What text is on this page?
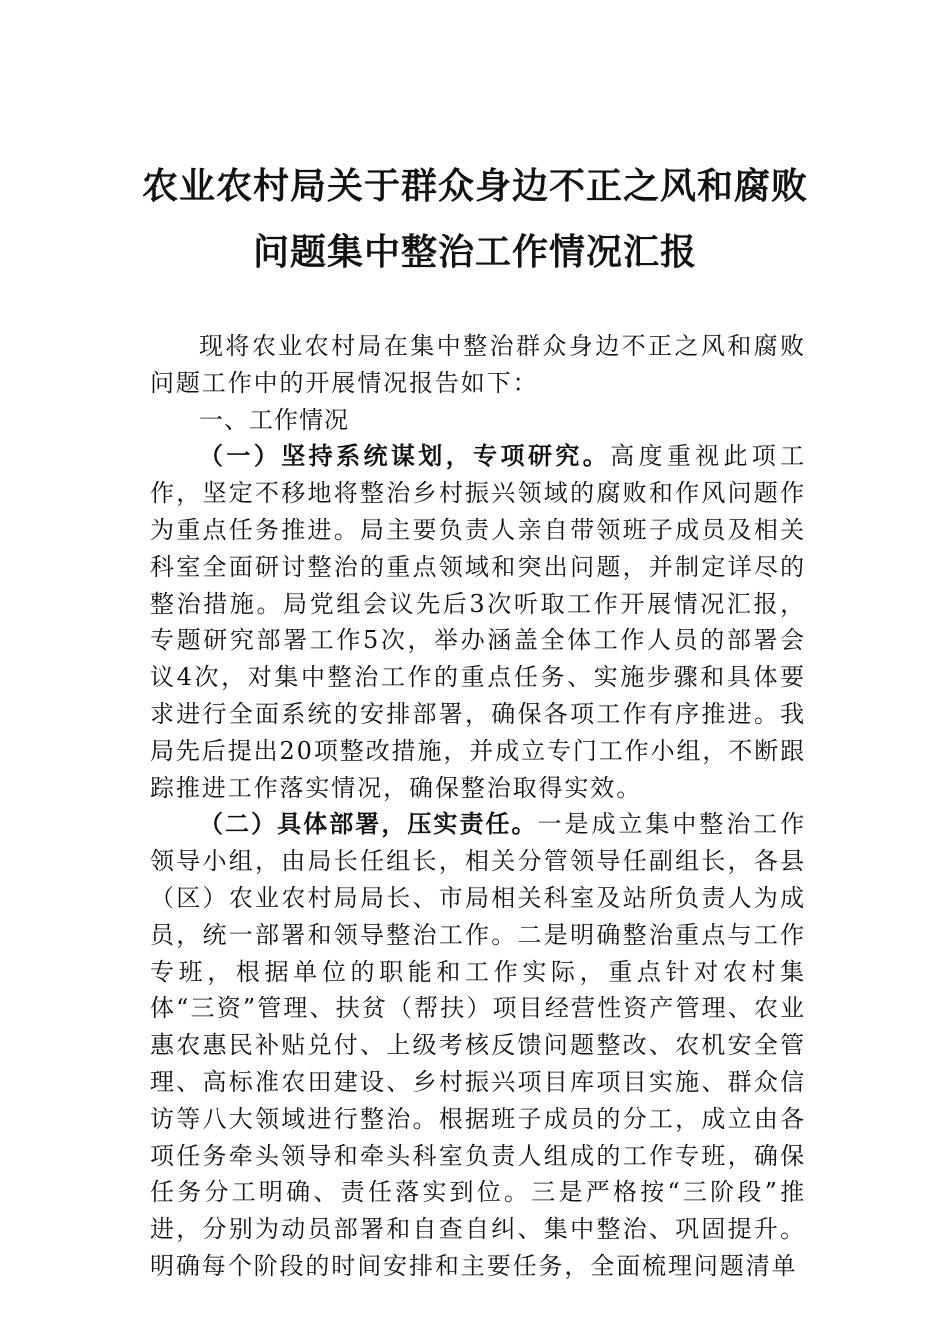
农业农村局关于群众身边不正之风和腐败
问题集中整治工作情况汇报

现将农业农村局在集中整治群众身边不正之风和腐败问题工作中的开展情况报告如下：

一、工作情况

（一）坚持系统谋划，专项研究。高度重视此项工作，坚定不移地将整治乡村振兴领域的腐败和作风问题作为重点任务推进。局主要负责人亲自带领班子成员及相关科室全面研讨整治的重点领域和突出问题，并制定详尽的整治措施。局党组会议先后3次听取工作开展情况汇报，专题研究部署工作5次，举办涵盖全体工作人员的部署会议4次，对集中整治工作的重点任务、实施步骤和具体要求进行全面系统的安排部署，确保各项工作有序推进。我局先后提出20项整改措施，并成立专门工作小组，不断跟踪推进工作落实情况，确保整治取得实效。

（二）具体部署，压实责任。一是成立集中整治工作领导小组，由局长任组长，相关分管领导任副组长，各县（区）农业农村局局长、市局相关科室及站所负责人为成员，统一部署和领导整治工作。二是明确整治重点与工作专班，根据单位的职能和工作实际，重点针对农村集体“三资”管理、扶贫（帮扶）项目经营性资产管理、农业惠农惠民补贴兑付、上级考核反馈问题整改、农机安全管理、高标准农田建设、乡村振兴项目库项目实施、群众信访等八大领域进行整治。根据班子成员的分工，成立由各项任务牵头领导和牵头科室负责人组成的工作专班，确保任务分工明确、责任落实到位。三是严格按“三阶段”推进，分别为动员部署和自查自纠、集中整治、巩固提升。明确每个阶段的时间安排和主要任务，全面梳理问题清单
